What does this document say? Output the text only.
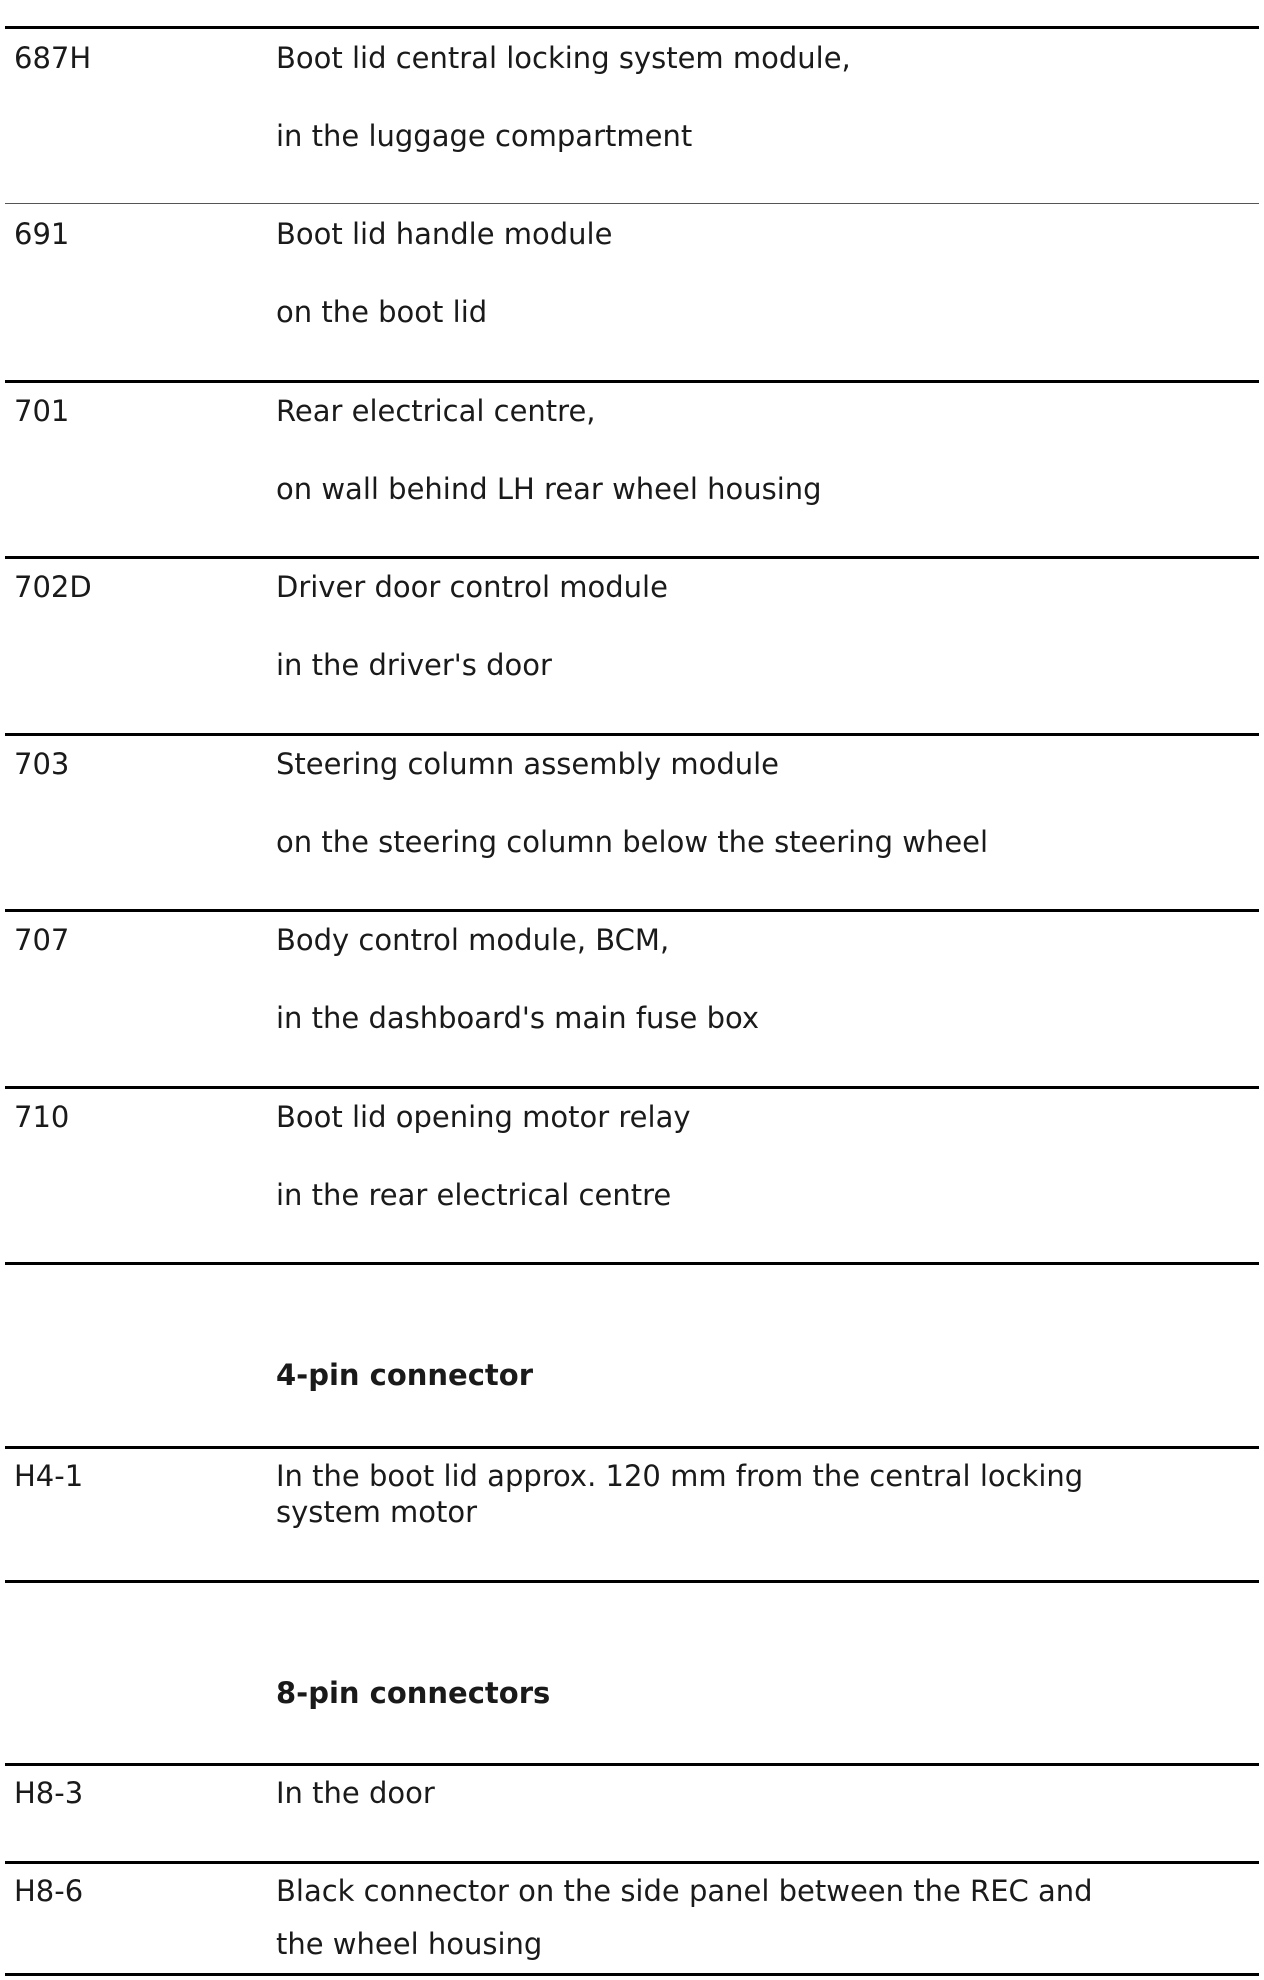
687H	Boot lid central locking system module,
in the luggage compartment
691	Boot lid handle module
on the boot lid
701	Rear electrical centre,
on wall behind LH rear wheel housing
702D	Driver door control module
in the driver's door
703	Steering column assembly module
on the steering column below the steering wheel
707	Body control module, BCM,
in the dashboard's main fuse box
710	Boot lid opening motor relay
in the rear electrical centre
4-pin connector
H4-1	In the boot lid approx. 120 mm from the central locking system motor
8-pin connectors
H8-3	In the door
H8-6	Black connector on the side panel between the REC and
the wheel housing
